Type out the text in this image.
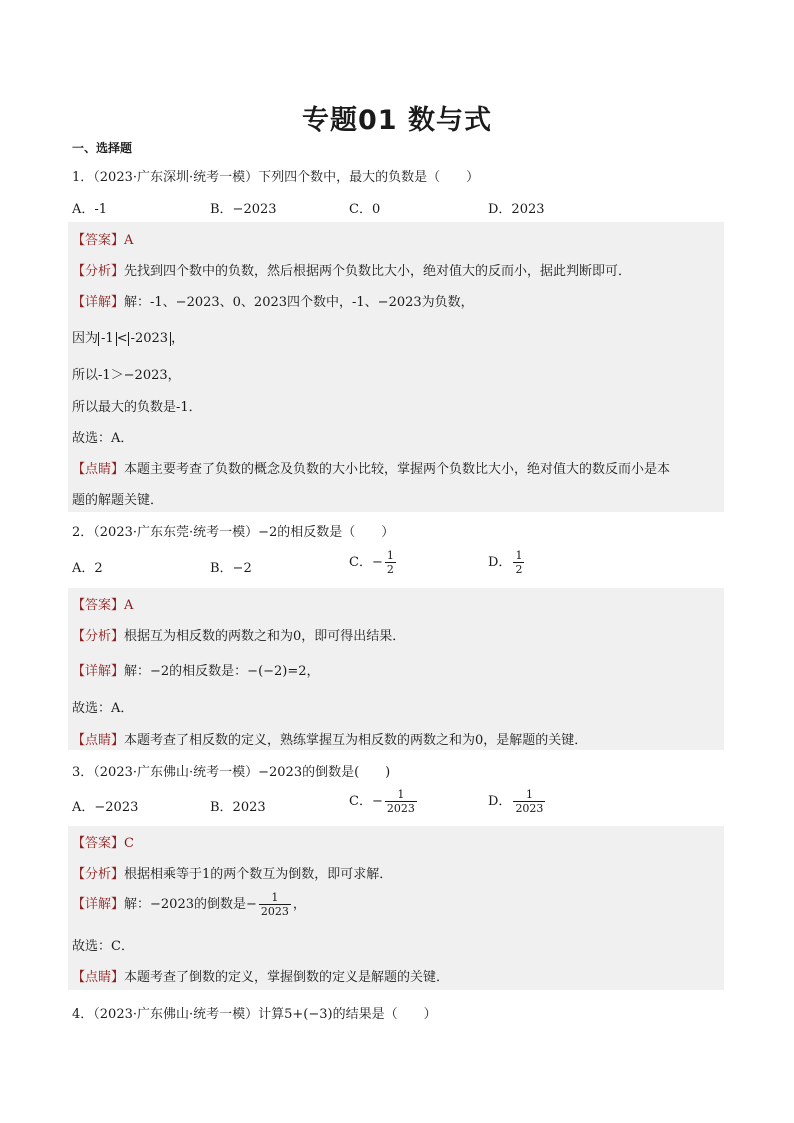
专题01 数与式
一、选择题
1．（2023·广东深圳·统考一模）下列四个数中，最大的负数是（　　）
A．-1	B．−2023	C．0	D．2023
【答案】A
【分析】先找到四个数中的负数，然后根据两个负数比大小，绝对值大的反而小，据此判断即可．
【详解】解：-1、−2023、0、2023四个数中，-1、−2023为负数，
因为 -1 < -2023 ，
所以-1＞−2023，
所以最大的负数是-1．
故选：A．
【点睛】本题主要考查了负数的概念及负数的大小比较，掌握两个负数比大小，绝对值大的数反而小是本
题的解题关键．
2．（2023·广东东莞·统考一模）−2的相反数是（　　）
A．2	B．−2	C．− $\frac{1}{2}$	D． $\frac{1}{2}$
【答案】A
【分析】根据互为相反数的两数之和为0，即可得出结果．
【详解】解：−2的相反数是：−(−2)=2，
故选：A．
【点睛】本题考查了相反数的定义，熟练掌握互为相反数的两数之和为0，是解题的关键．
3．（2023·广东佛山·统考一模）−2023的倒数是(　　)
A．−2023	B．2023	C．− $\frac{1}{2023}$	D． $\frac{1}{2023}$
【答案】C
【分析】根据相乘等于1的两个数互为倒数，即可求解．
【详解】解：−2023的倒数是− $\frac{1}{2023}$ ，
故选：C．
【点睛】本题考查了倒数的定义，掌握倒数的定义是解题的关键．
4．（2023·广东佛山·统考一模）计算5+(−3)的结果是（　　）
